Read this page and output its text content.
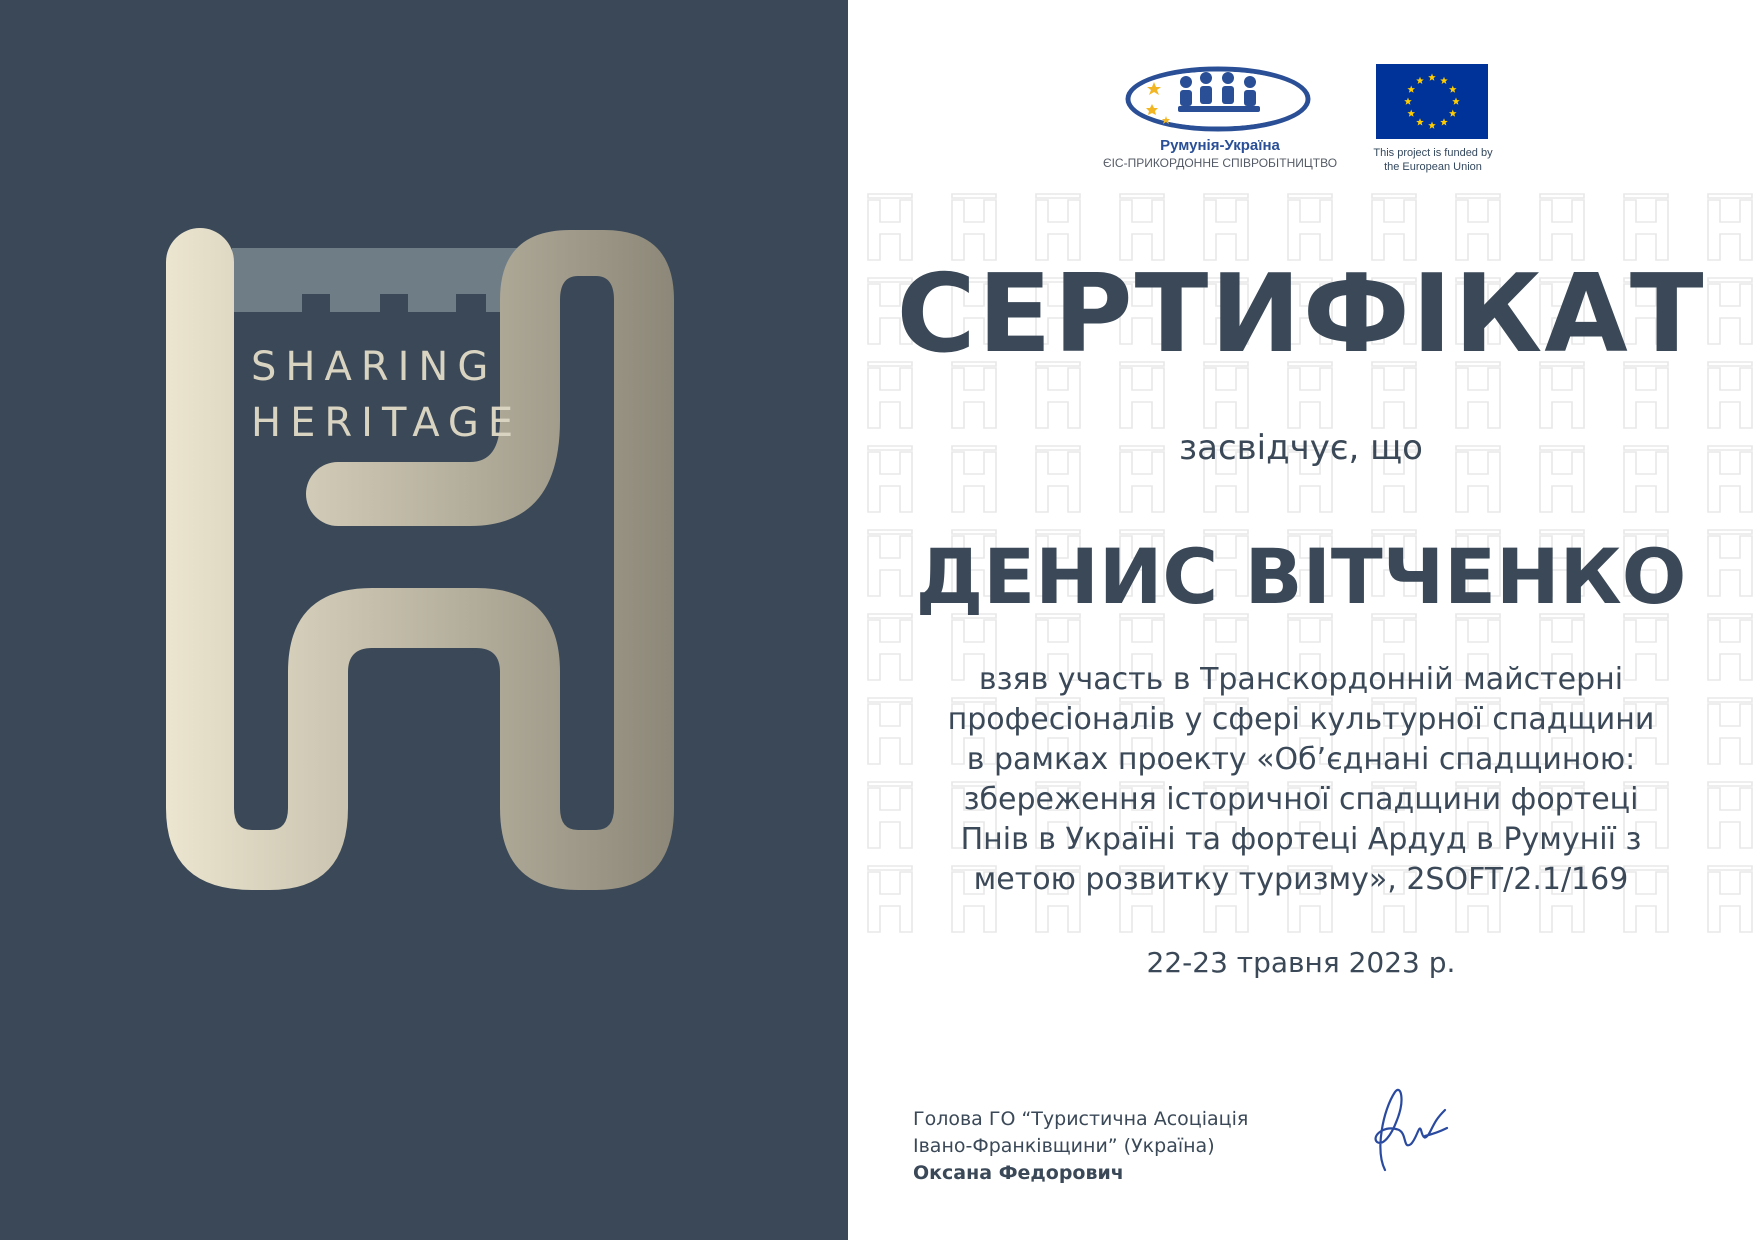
SHARING
HERITAGE
Румунія-Україна
ЄІС-ПРИКОРДОННЕ СПІВРОБІТНИЦТВО
This project is funded by
the European Union
СЕРТИФІКАТ
засвідчує, що
ДЕНИС ВІТЧЕНКО
взяв участь в Транскордонній майстерні
професіоналів у сфері культурної спадщини
в рамках проекту «Об’єднані спадщиною:
збереження історичної спадщини фортеці
Пнів в Україні та фортеці Ардуд в Румунії з
метою розвитку туризму», 2SOFT/2.1/169
22-23 травня 2023 р.
Голова ГО “Туристична Асоціація
Івано-Франківщини” (Україна)
Оксана Федорович
